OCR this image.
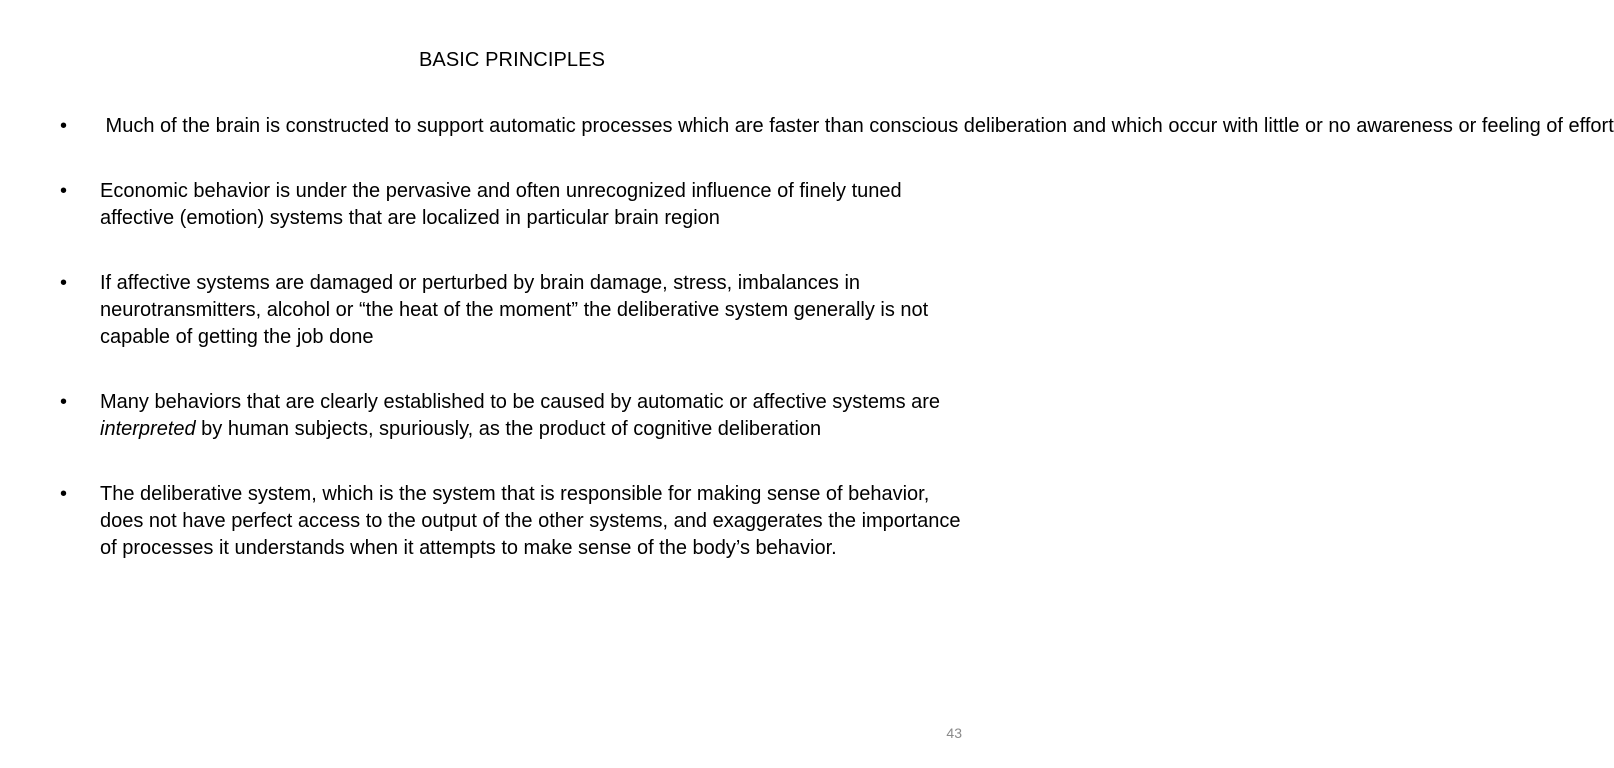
BASIC PRINCIPLES
•	Much of the brain is constructed to support automatic processes which are faster than conscious deliberation and which occur with little or no awareness or feeling of effort
•	Economic behavior is under the pervasive and often unrecognized influence of finely tuned affective (emotion) systems that are localized in particular brain region
•	If affective systems are damaged or perturbed by brain damage, stress, imbalances in neurotransmitters, alcohol or “the heat of the moment” the deliberative system generally is not capable of getting the job done
•	Many behaviors that are clearly established to be caused by automatic or affective systems are interpreted by human subjects, spuriously, as the product of cognitive deliberation
•	The deliberative system, which is the system that is responsible for making sense of behavior, does not have perfect access to the output of the other systems, and exaggerates the importance of processes it understands when it attempts to make sense of the body’s behavior.
43
